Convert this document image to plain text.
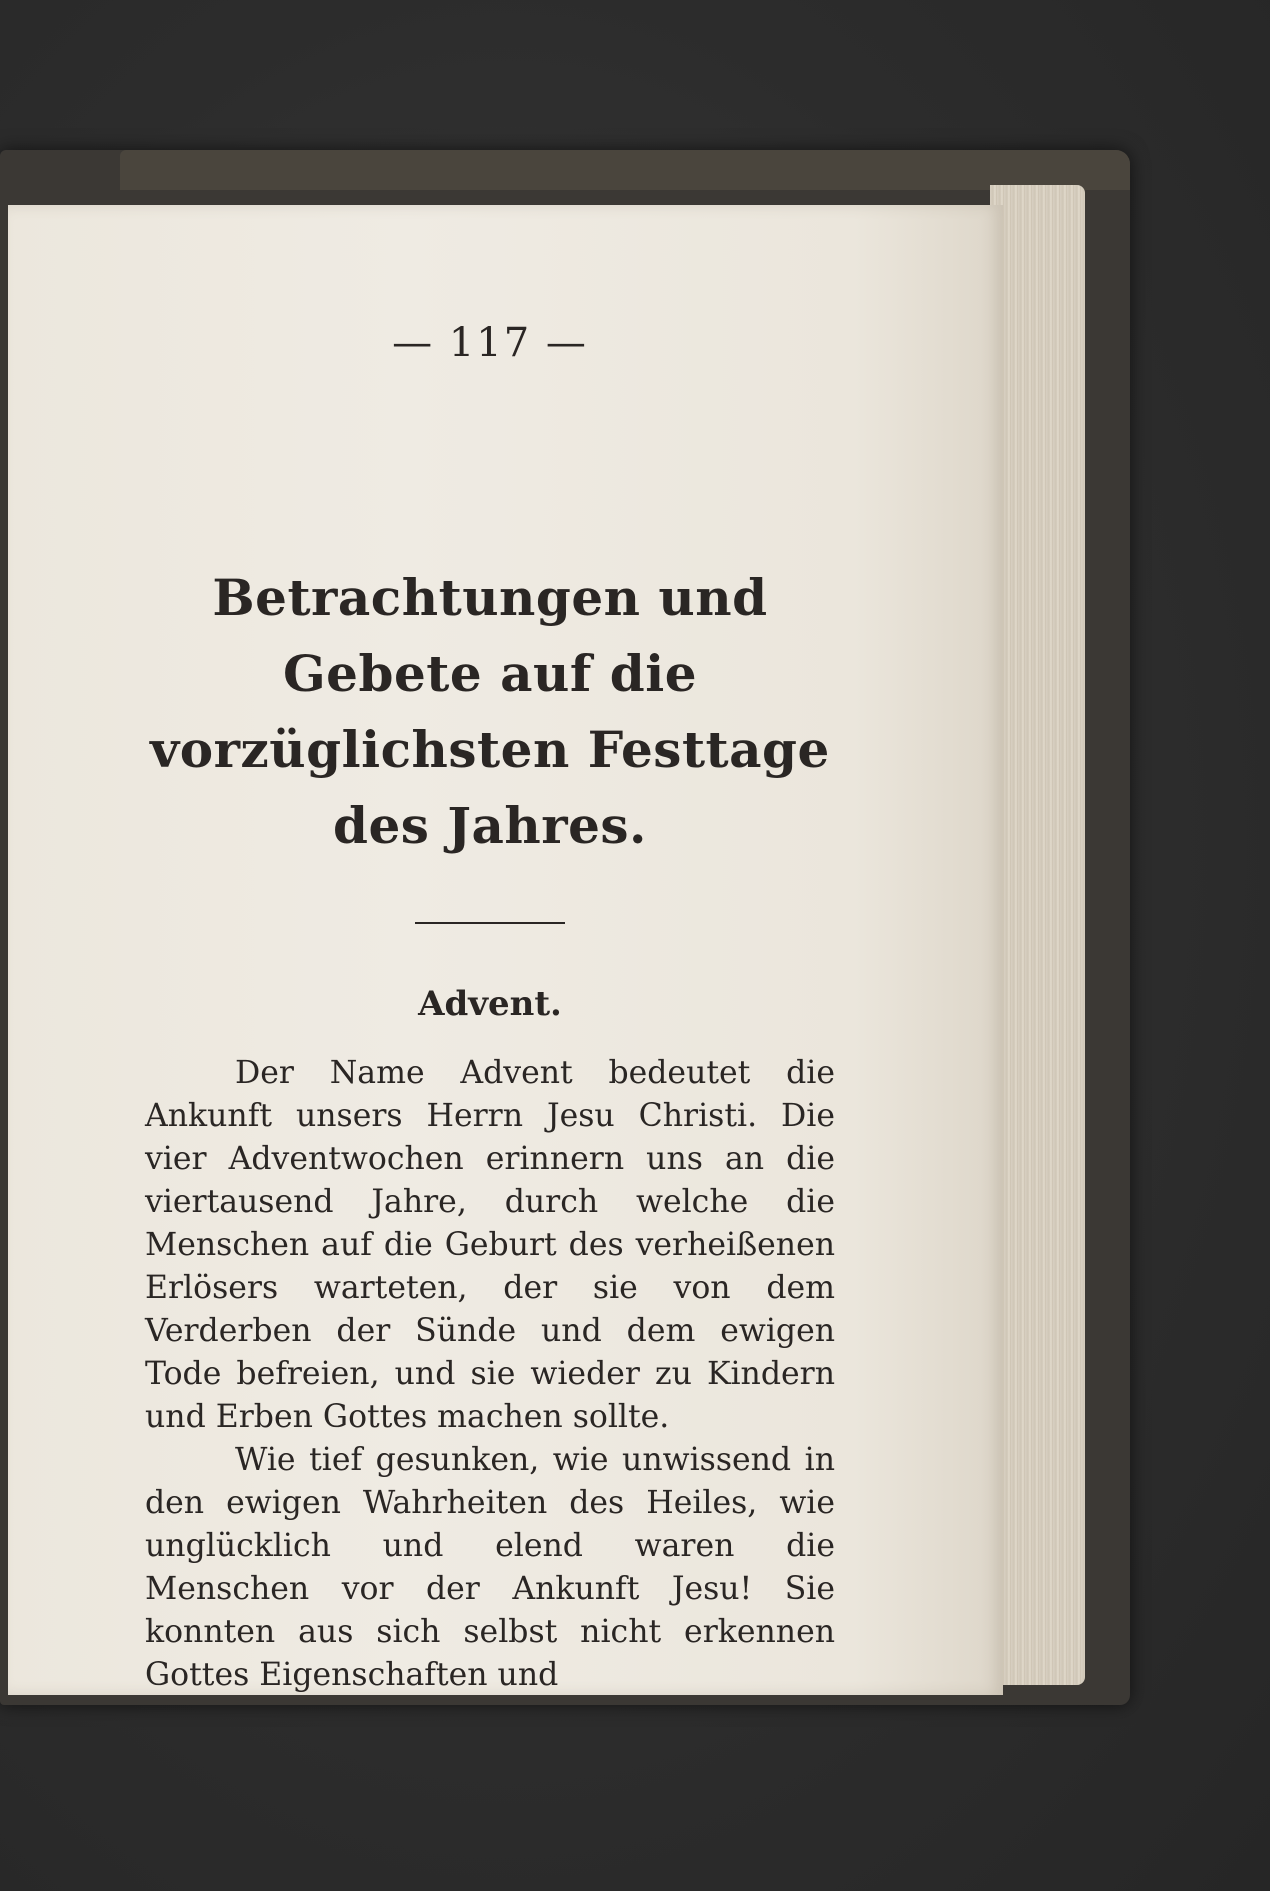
— 117 —

Betrachtungen und Gebete auf die vorzüglichsten Festtage des Jahres.
Advent.

Der Name Advent bedeutet die Ankunft unsers Herrn Jesu Christi. Die vier Adventwochen erinnern uns an die viertausend Jahre, durch welche die Menschen auf die Geburt des verheißenen Erlösers warteten, der sie von dem Verderben der Sünde und dem ewigen Tode befreien, und sie wieder zu Kindern und Erben Gottes machen sollte.

Wie tief gesunken, wie unwissend in den ewigen Wahrheiten des Heiles, wie unglücklich und elend waren die Menschen vor der Ankunft Jesu! Sie konnten aus sich selbst nicht erkennen Gottes Eigenschaften und
